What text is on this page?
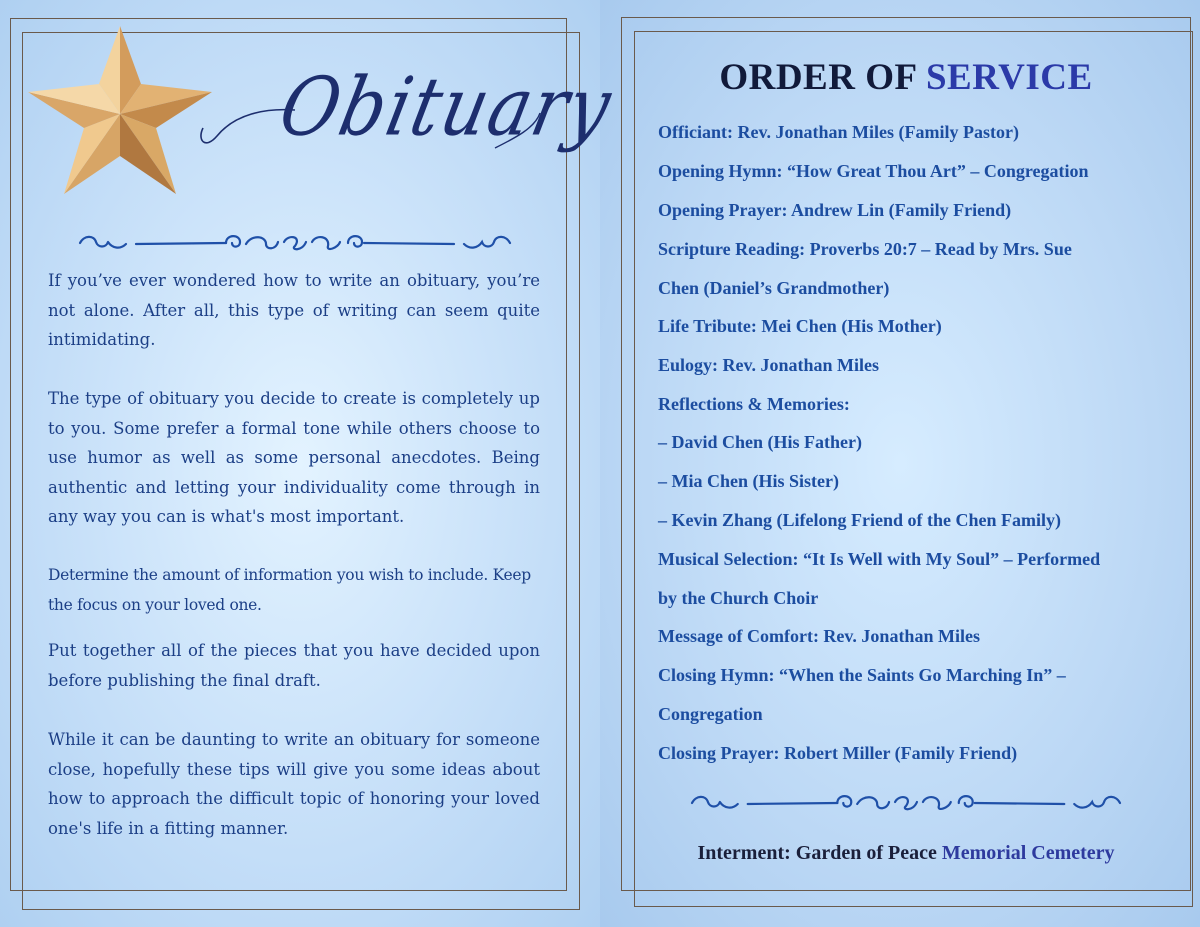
Obituary
If you’ve ever wondered how to write an obituary, you’re not alone. After all, this type of writing can seem quite intimidating.
The type of obituary you decide to create is completely up to you. Some prefer a formal tone while others choose to use humor as well as some personal anecdotes. Being authentic and letting your individuality come through in any way you can is what's most important.
Determine the amount of information you wish to include. Keep the focus on your loved one.
Put together all of the pieces that you have decided upon before publishing the final draft.
While it can be daunting to write an obituary for someone close, hopefully these tips will give you some ideas about how to approach the difficult topic of honoring your loved one's life in a fitting manner.
ORDER OF SERVICE
Officiant: Rev. Jonathan Miles (Family Pastor)
Opening Hymn: “How Great Thou Art” – Congregation
Opening Prayer: Andrew Lin (Family Friend)
Scripture Reading: Proverbs 20:7 – Read by Mrs. Sue
Chen (Daniel’s Grandmother)
Life Tribute: Mei Chen (His Mother)
Eulogy: Rev. Jonathan Miles
Reflections & Memories:
– David Chen (His Father)
– Mia Chen (His Sister)
– Kevin Zhang (Lifelong Friend of the Chen Family)
Musical Selection: “It Is Well with My Soul” – Performed
by the Church Choir
Message of Comfort: Rev. Jonathan Miles
Closing Hymn: “When the Saints Go Marching In” –
Congregation
Closing Prayer: Robert Miller (Family Friend)
Interment: Garden of Peace Memorial Cemetery
